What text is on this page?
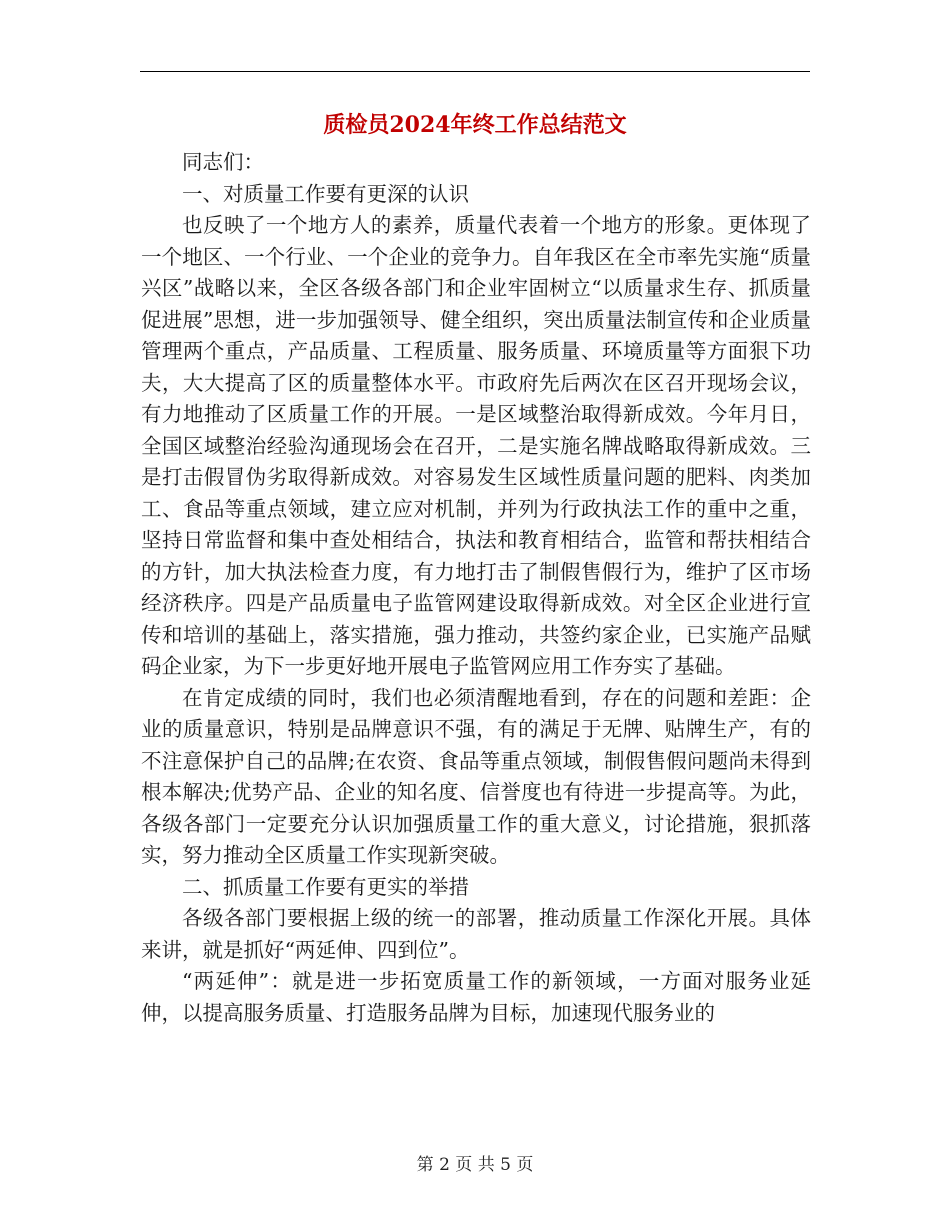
质检员2024年终工作总结范文

同志们：

一、对质量工作要有更深的认识

也反映了一个地方人的素养，质量代表着一个地方的形象。更体现了一个地区、一个行业、一个企业的竞争力。自年我区在全市率先实施“质量兴区”战略以来，全区各级各部门和企业牢固树立“以质量求生存、抓质量促进展”思想，进一步加强领导、健全组织，突出质量法制宣传和企业质量管理两个重点，产品质量、工程质量、服务质量、环境质量等方面狠下功夫，大大提高了区的质量整体水平。市政府先后两次在区召开现场会议，有力地推动了区质量工作的开展。一是区域整治取得新成效。今年月日，全国区域整治经验沟通现场会在召开，二是实施名牌战略取得新成效。三是打击假冒伪劣取得新成效。对容易发生区域性质量问题的肥料、肉类加工、食品等重点领域，建立应对机制，并列为行政执法工作的重中之重，坚持日常监督和集中查处相结合，执法和教育相结合，监管和帮扶相结合的方针，加大执法检查力度，有力地打击了制假售假行为，维护了区市场经济秩序。四是产品质量电子监管网建设取得新成效。对全区企业进行宣传和培训的基础上，落实措施，强力推动，共签约家企业，已实施产品赋码企业家，为下一步更好地开展电子监管网应用工作夯实了基础。

在肯定成绩的同时，我们也必须清醒地看到，存在的问题和差距：企业的质量意识，特别是品牌意识不强，有的满足于无牌、贴牌生产，有的不注意保护自己的品牌;在农资、食品等重点领域，制假售假问题尚未得到根本解决;优势产品、企业的知名度、信誉度也有待进一步提高等。为此，各级各部门一定要充分认识加强质量工作的重大意义，讨论措施，狠抓落实，努力推动全区质量工作实现新突破。

二、抓质量工作要有更实的举措

各级各部门要根据上级的统一的部署，推动质量工作深化开展。具体来讲，就是抓好“两延伸、四到位”。

“两延伸”：就是进一步拓宽质量工作的新领域，一方面对服务业延伸，以提高服务质量、打造服务品牌为目标，加速现代服务业的

第 2 页 共 5 页
